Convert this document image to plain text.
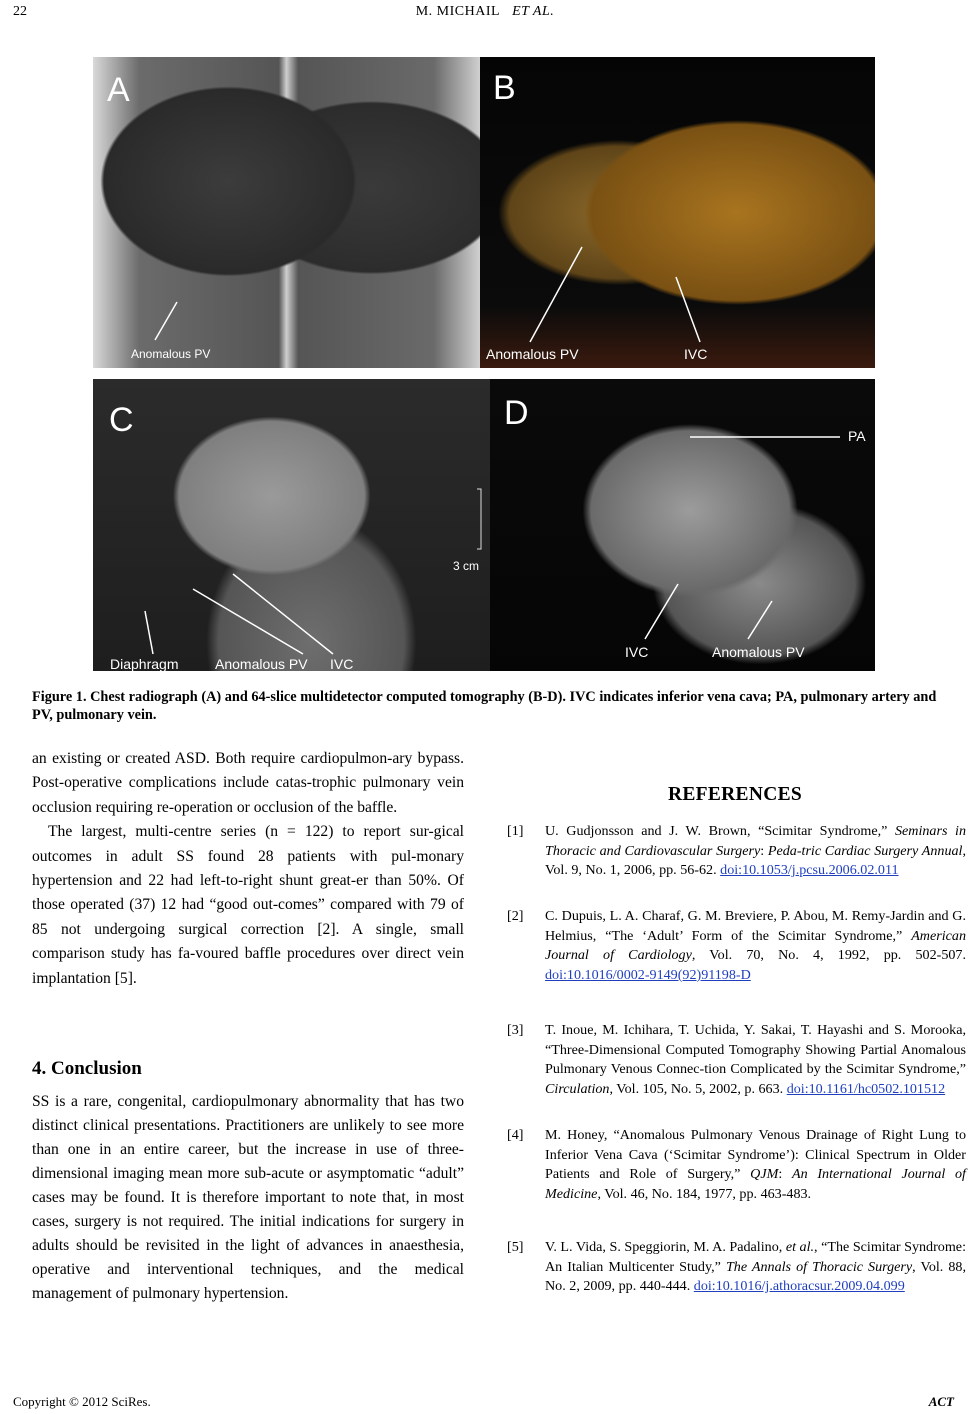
22	M. MICHAIL ET AL.
A
Anomalous PV
B
Anomalous PV	IVC
C
3 cm
Diaphragm	Anomalous PV IVC
D
PA
IVC	Anomalous PV
Figure 1. Chest radiograph (A) and 64-slice multidetector computed tomography (B-D). IVC indicates inferior vena cava; PA, pulmonary artery and PV, pulmonary vein.

an existing or created ASD. Both require cardiopulmon-ary bypass. Post-operative complications include catas-trophic pulmonary vein occlusion requiring re-operation or occlusion of the baffle.

The largest, multi-centre series (n = 122) to report sur-gical outcomes in adult SS found 28 patients with pul-monary hypertension and 22 had left-to-right shunt great-er than 50%. Of those operated (37) 12 had “good out-comes” compared with 79 of 85 not undergoing surgical correction [2]. A single, small comparison study has fa-voured baffle procedures over direct vein implantation [5].

4. Conclusion

SS is a rare, congenital, cardiopulmonary abnormality that has two distinct clinical presentations. Practitioners are unlikely to see more than one in an entire career, but the increase in use of three-dimensional imaging mean more sub-acute or asymptomatic “adult” cases may be found. It is therefore important to note that, in most cases, surgery is not required. The initial indications for surgery in adults should be revisited in the light of advances in anaesthesia, operative and interventional techniques, and the medical management of pulmonary hypertension.

REFERENCES
[1] U. Gudjonsson and J. W. Brown, “Scimitar Syndrome,” Seminars in Thoracic and Cardiovascular Surgery: Peda-tric Cardiac Surgery Annual, Vol. 9, No. 1, 2006, pp. 56-62. doi:10.1053/j.pcsu.2006.02.011
[2] C. Dupuis, L. A. Charaf, G. M. Breviere, P. Abou, M. Remy-Jardin and G. Helmius, “The ‘Adult’ Form of the Scimitar Syndrome,” American Journal of Cardiology, Vol. 70, No. 4, 1992, pp. 502-507. doi:10.1016/0002-9149(92)91198-D
[3] T. Inoue, M. Ichihara, T. Uchida, Y. Sakai, T. Hayashi and S. Morooka, “Three-Dimensional Computed Tomography Showing Partial Anomalous Pulmonary Venous Connec-tion Complicated by the Scimitar Syndrome,” Circulation, Vol. 105, No. 5, 2002, p. 663. doi:10.1161/hc0502.101512
[4] M. Honey, “Anomalous Pulmonary Venous Drainage of Right Lung to Inferior Vena Cava (‘Scimitar Syndrome’): Clinical Spectrum in Older Patients and Role of Surgery,” QJM: An International Journal of Medicine, Vol. 46, No. 184, 1977, pp. 463-483.
[5] V. L. Vida, S. Speggiorin, M. A. Padalino, et al., “The Scimitar Syndrome: An Italian Multicenter Study,” The Annals of Thoracic Surgery, Vol. 88, No. 2, 2009, pp. 440-444. doi:10.1016/j.athoracsur.2009.04.099
Copyright © 2012 SciRes.	ACT
